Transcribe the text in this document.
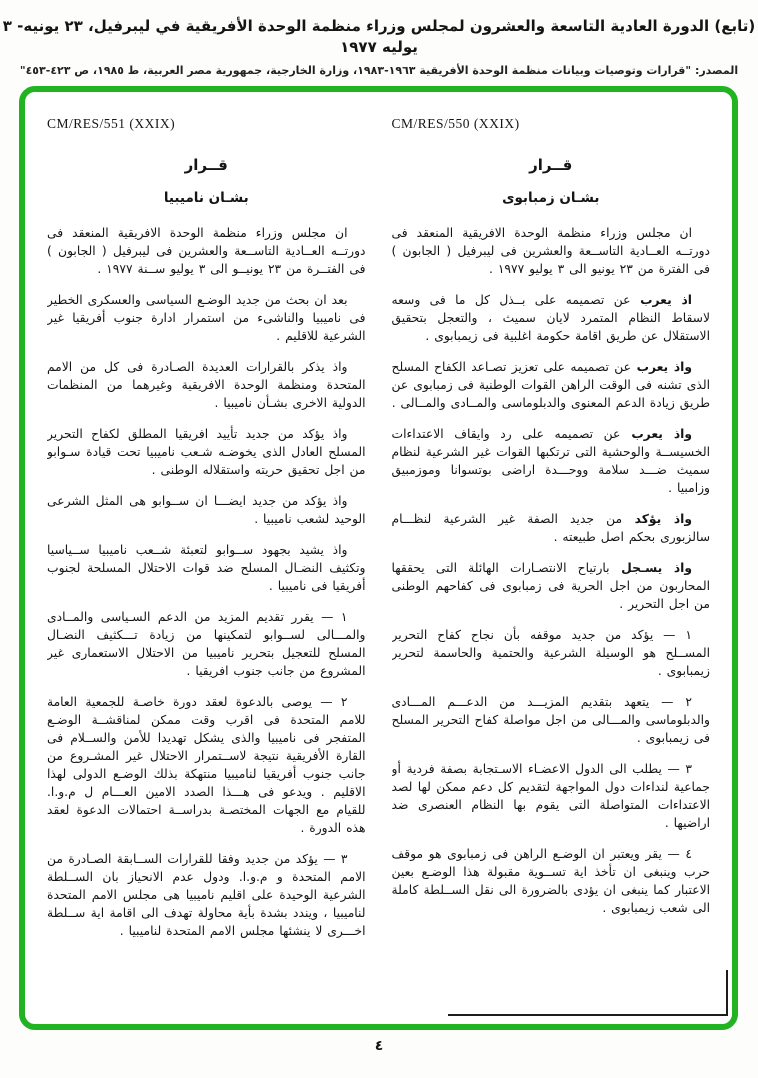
(تابع) الدورة العادية التاسعة والعشرون لمجلس وزراء منظمة الوحدة الأفريقية في ليبرفيل، ٢٣ يونيه- ٣ يوليه ١٩٧٧
المصدر: "قرارات وتوصيات وبيانات منظمة الوحدة الأفريقية ١٩٦٣-١٩٨٣، وزارة الخارجية، جمهورية مصر العربية، ط ١٩٨٥، ص ٤٢٣-٤٥٣"
CM/RES/550 (XXIX)
قــرار
بشـان زمبابوى

ان مجلس وزراء منظمة الوحدة الافريقية المنعقد فى دورتــه العــادية التاســعة والعشرين فى ليبرفيل ( الجابون ) فى الفترة من ٢٣ يونيو الى ٣ يوليو ١٩٧٧ .

اذ يعرب عن تصميمه على بــذل كل ما فى وسعه لاسقاط النظام المتمرد لايان سميث ، والتعجل بتحقيق الاستقلال عن طريق اقامة حكومة اغلبية فى زيمبابوى .

واذ يعرب عن تصميمه على تعزيز تصـاعد الكفاح المسلح الذى تشنه فى الوقت الراهن القوات الوطنية فى زمبابوى عن طريق زيادة الدعم المعنوى والدبلوماسى والمــادى والمــالى .

واذ يعرب عن تصميمه على رد وايقاف الاعتداءات الخسيســة والوحشية التى ترتكبها القوات غير الشرعية لنظام سميث ضـــد سلامة ووحـــدة اراضى بوتسوانا وموزمبيق وزامبيا .

واذ يؤكد من جديد الصفة غير الشرعية لنظـــام سالزبورى بحكم اصل طبيعته .

واذ يسـجل بارتياح الانتصـارات الهائلة التى يحققها المحاربون من اجل الحرية فى زمبابوى فى كفاحهم الوطنى من اجل التحرير .

١ — يؤكد من جديد موقفه بأن نجاح كفاح التحرير المســلح هو الوسيلة الشرعية والحتمية والحاسمة لتحرير زيمبابوى .

٢ — يتعهد بتقديم المزيـــد من الدعـــم المـــادى والدبلوماسى والمـــالى من اجل مواصلة كفاح التحرير المسلح فى زيمبابوى .

٣ — يطلب الى الدول الاعضـاء الاسـتجابة بصفة فردية أو جماعية لنداءات دول المواجهة لتقديم كل دعم ممكن لها لصد الاعتداءات المتواصلة التى يقوم بها النظام العنصرى ضد اراضيها .

٤ — يقر ويعتبر ان الوضـع الراهن فى زمبابوى هو موقف حرب وينبغى ان تأخذ اية تســوية مقبولة هذا الوضـع بعين الاعتبار كما ينبغى ان يؤدى بالضرورة الى نقل الســلطة كاملة الى شعب زيمبابوى .

CM/RES/551 (XXIX)
قــرار
بشـان ناميبيا

ان مجلس وزراء منظمة الوحدة الافريقية المنعقد فى دورتــه العــادية التاســعة والعشرين فى ليبرفيل ( الجابون ) فى الفتــرة من ٢٣ يونيــو الى ٣ يوليو ســنة ١٩٧٧ .

بعد ان بحث من جديد الوضـع السياسى والعسكرى الخطير فى ناميبيا والناشىء من استمرار ادارة جنوب أفريقيا غير الشرعية للاقليم .

واذ يذكر بالقرارات العديدة الصـادرة فى كل من الامم المتحدة ومنظمة الوحدة الافريقية وغيرهما من المنظمات الدولية الاخرى بشـأن ناميبيا .

واذ يؤكد من جديد تأييد افريقيا المطلق لكفاح التحرير المسلح العادل الذى يخوضـه شـعب ناميبيا تحت قيادة سـوابو من اجل تحقيق حريته واستقلاله الوطنى .

واذ يؤكد من جديد ايضـــا ان ســوابو هى المثل الشرعى الوحيد لشعب ناميبيا .

واذ يشيد بجهود ســوابو لتعبئة شــعب ناميبيا ســياسيا وتكثيف النضـال المسلح ضد قوات الاحتلال المسلحة لجنوب أفريقيا فى ناميبيا .

١ — يقرر تقديم المزيد من الدعم السـياسى والمــادى والمـــالى لســوابو لتمكينها من زيادة تـــكثيف النضـال المسلح للتعجيل بتحرير ناميبيا من الاحتلال الاستعمارى غير المشروع من جانب جنوب افريقيا .

٢ — يوصى بالدعوة لعقد دورة خاصـة للجمعية العامة للامم المتحدة فى اقرب وقت ممكن لمناقشــة الوضـع المتفجر فى ناميبيا والذى يشكل تهديدا للأمن والســلام فى القارة الأفريقية نتيجة لاســتمرار الاحتلال غير المشـروع من جانب جنوب أفريقيا لناميبيا منتهكة بذلك الوضـع الدولى لهذا الاقليم . ويدعو فى هـــذا الصدد الامين العـــام ل م.و.ا. للقيام مع الجهات المختصـة بدراســة احتمالات الدعوة لعقد هذه الدورة .

٣ — يؤكد من جديد وفقا للقرارات الســابقة الصـادرة من الامم المتحدة و م.و.ا. ودول عدم الانحياز بان الســلطة الشرعية الوحيدة على اقليم ناميبيا هى مجلس الامم المتحدة لناميبيا ، ويندد بشدة بأية محاولة تهدف الى اقامة اية ســلطة اخـــرى لا ينشئها مجلس الامم المتحدة لناميبيا .

٤
